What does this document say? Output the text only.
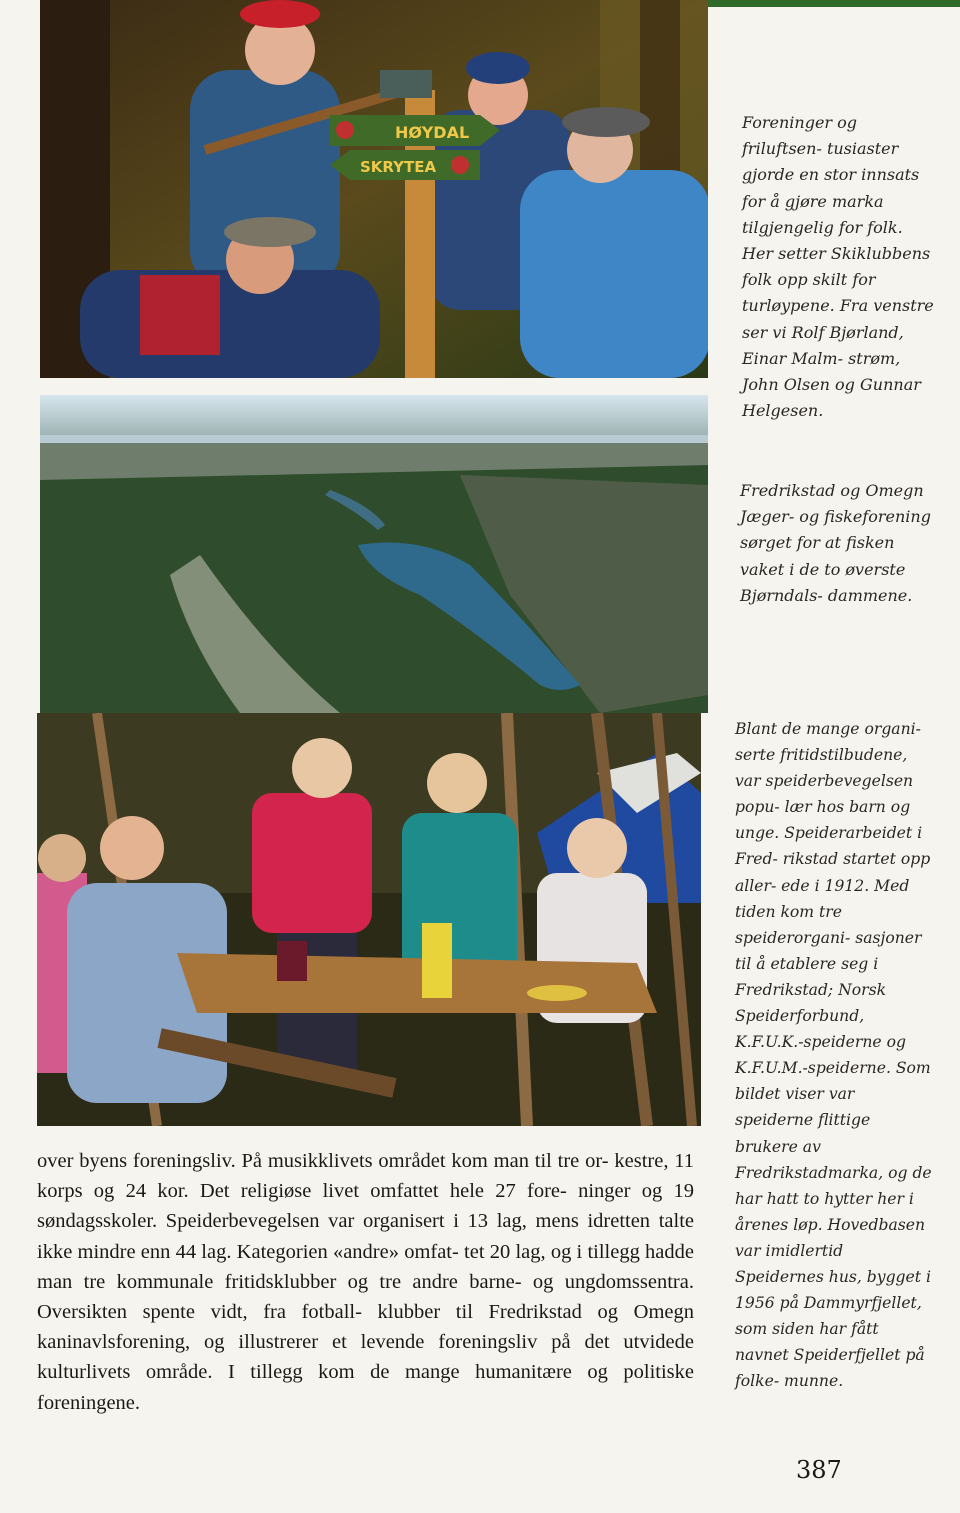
HØYDAL
SKRYTEA

Foreninger og friluftsen- tusiaster gjorde en stor innsats for å gjøre marka tilgjengelig for folk. Her setter Skiklubbens folk opp skilt for turløypene. Fra venstre ser vi Rolf Bjørland, Einar Malm- strøm, John Olsen og Gunnar Helgesen.

Fredrikstad og Omegn Jæger- og fiskeforening sørget for at fisken vaket i de to øverste Bjørndals- dammene.

Blant de mange organi- serte fritidstilbudene, var speiderbevegelsen popu- lær hos barn og unge. Speiderarbeidet i Fred- rikstad startet opp aller- ede i 1912. Med tiden kom tre speiderorgani- sasjoner til å etablere seg i Fredrikstad; Norsk Speiderforbund, K.F.U.K.-speiderne og K.F.U.M.-speiderne. Som bildet viser var speiderne flittige brukere av Fredrikstadmarka, og de har hatt to hytter her i årenes løp. Hovedbasen var imidlertid Speidernes hus, bygget i 1956 på Dammyrfjellet, som siden har fått navnet Speiderfjellet på folke- munne.

over byens foreningsliv. På musikklivets området kom man til tre or- kestre, 11 korps og 24 kor. Det religiøse livet omfattet hele 27 fore- ninger og 19 søndagsskoler. Speiderbevegelsen var organisert i 13 lag, mens idretten talte ikke mindre enn 44 lag. Kategorien «andre» omfat- tet 20 lag, og i tillegg hadde man tre kommunale fritidsklubber og tre andre barne- og ungdomssentra. Oversikten spente vidt, fra fotball- klubber til Fredrikstad og Omegn kaninavlsforening, og illustrerer et levende foreningsliv på det utvidede kulturlivets område. I tillegg kom de mange humanitære og politiske foreningene.

387
